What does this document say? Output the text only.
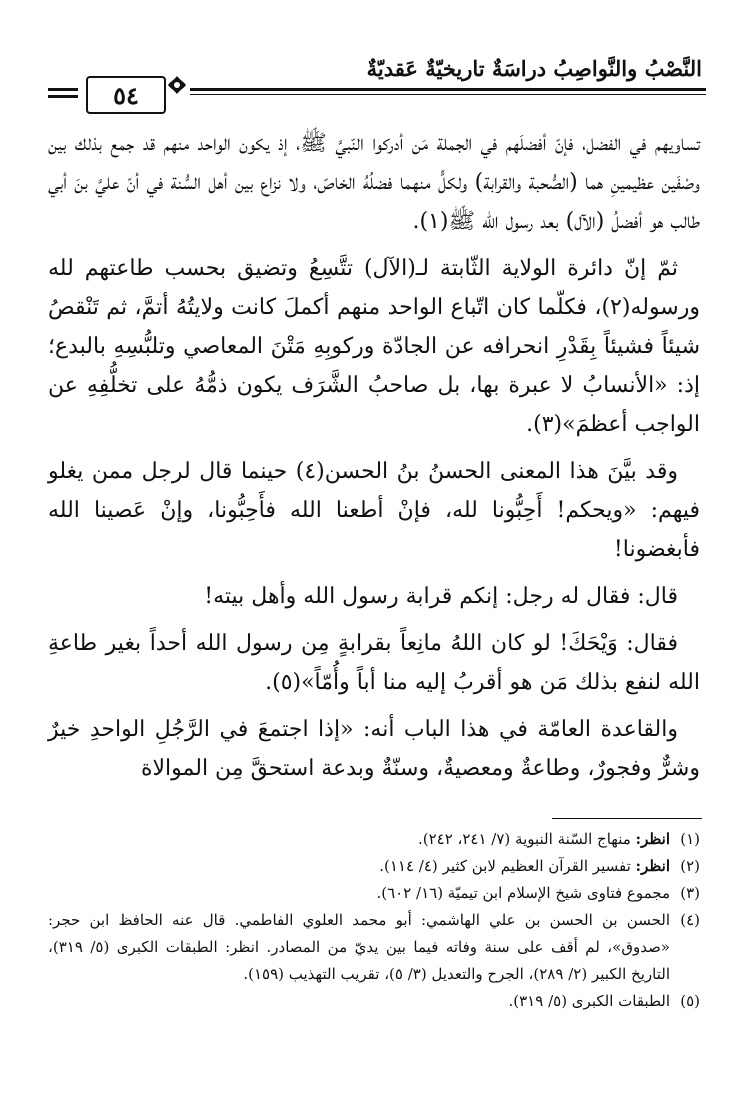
النَّصْبُ والنَّواصِبُ دراسَةٌ تاريخيّةٌ عَقديّةٌ
٥٤

تساويهم في الفضل، فإنّ أفضلَهم في الجملة مَن أدركوا النّبيَّ ﷺ، إذ يكون الواحد منهم قد جمع بذلك بين وصْفَين عظيمينِ هما (الصُّحبة والقرابة) ولكلٍّ منهما فضلُهُ الخاصّ، ولا نزاع بين أهل السُّنة في أنّ عليَّ بنَ أبي طالب هو أفضلُ (الآل) بعد رسول الله ﷺ(١).

ثمّ إنّ دائرة الولاية الثّابتة لـ(الآل) تتَّسِعُ وتضيق بحسب طاعتهم لله ورسوله(٢)، فكلّما كان اتّباع الواحد منهم أكملَ كانت ولايتُهُ أتمَّ، ثم تَنْقصُ شيئاً فشيئاً بِقَدْرِ انحرافه عن الجادّة وركوبِهِ مَتْنَ المعاصي وتلبُّسِهِ بالبدع؛ إذ: «الأنسابُ لا عبرة بها، بل صاحبُ الشَّرَف يكون ذمُّهُ على تخلُّفِهِ عن الواجب أعظمَ»(٣).

وقد بيَّنَ هذا المعنى الحسنُ بنُ الحسن(٤) حينما قال لرجل ممن يغلو فيهم: «ويحكم! أَحِبُّونا لله، فإنْ أطعنا الله فأَحِبُّونا، وإنْ عَصينا الله فأبغضونا!

قال: فقال له رجل: إنكم قرابة رسول الله وأهل بيته!

فقال: وَيْحَكَ! لو كان اللهُ مانِعاً بقرابةٍ مِن رسول الله أحداً بغير طاعةِ الله لنفع بذلك مَن هو أقربُ إليه منا أباً وأُمّاً»(٥).

والقاعدة العامّة في هذا الباب أنه: «إذا اجتمعَ في الرَّجُلِ الواحدِ خيرٌ وشرٌّ وفجورٌ، وطاعةٌ ومعصيةٌ، وسنّةٌ وبدعة استحقَّ مِن الموالاة

(١)
انظر: منهاج السّنة النبوية (٧/ ٢٤١، ٢٤٢).
(٢)
انظر: تفسير القرآن العظيم لابن كثير (٤/ ١١٤).
(٣)
مجموع فتاوى شيخ الإسلام ابن تيميّة (١٦/ ٦٠٢).
(٤)
الحسن بن الحسن بن علي الهاشمي: أبو محمد العلوي الفاطمي. قال عنه الحافظ ابن حجر: «صدوق»، لم أقف على سنة وفاته فيما بين يديّ من المصادر. انظر: الطبقات الكبرى (٥/ ٣١٩)، التاريخ الكبير (٢/ ٢٨٩)، الجرح والتعديل (٣/ ٥)، تقريب التهذيب (١٥٩).
(٥)
الطبقات الكبرى (٥/ ٣١٩).
